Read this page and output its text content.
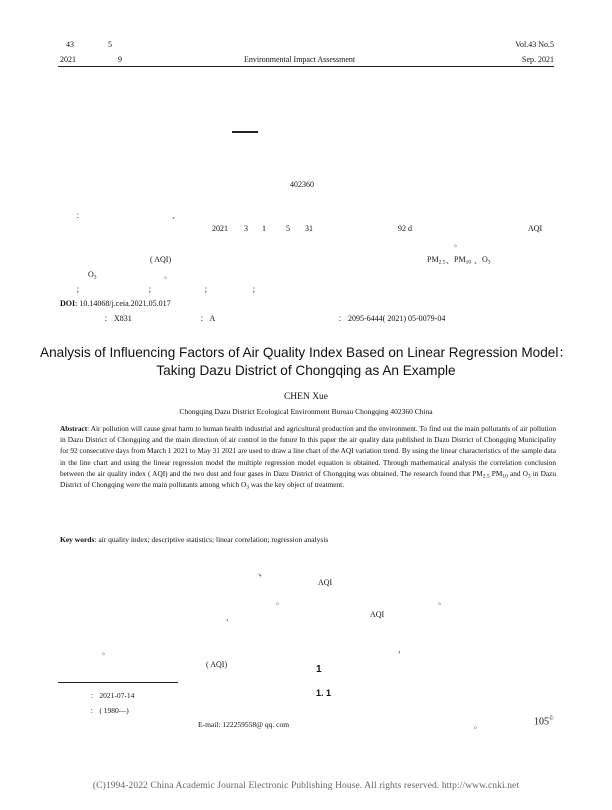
43	5
2021	9	Environmental Impact Assessment
Vol.43 No.5
Sep. 2021
402360
：	、
2021 3 1	5 31	92 d	AQI
。
( AQI)	$PM_{2.5}$ 、 $PM_{10}$ 、 $O_3$
$O_3$	。
；	；	；	；
DOI: 10.14068/j.ceia.2021.05.017
： X831	： A	： 2095-6444( 2021) 05-0079-04
Analysis of Influencing Factors of Air Quality Index Based on Linear Regression Model：Taking Dazu District of Chongqing as An Example
CHEN Xue
Chongqing Dazu District Ecological Environment Bureau Chongqing 402360 China
Abstract: Air pollution will cause great harm to human health industrial and agricultural production and the environment. To find out the main pollutants of air pollution in Dazu District of Chongqing and the main direction of air control in the future In this paper the air quality data published in Dazu District of Chongqing Municipality for 92 consecutive days from March 1 2021 to May 31 2021 are used to draw a line chart of the AQI variation trend. By using the linear characteristics of the sample data in the line chart and using the linear regression model the multiple regression model equation is obtained. Through mathematical analysis the correlation conclusion between the air quality index ( AQI) and the two dust and four gases in Dazu District of Chongqing was obtained. The research found that $PM_{2.5}$ $PM_{10}$ and $O_3$ in Dazu District of Chongqing were the main pollutants among which $O_3$ was the key object of treatment.
Key words: air quality index; descriptive statistics; linear correlation; regression analysis
、
AQI
。	。
，	AQI
。	，
( AQI)	1
1. 1
： 2021-07-14
： ( 1980—)
E-mail: 122259558@ qq. com	。	105©
(C)1994-2022 China Academic Journal Electronic Publishing House. All rights reserved. http://www.cnki.net
